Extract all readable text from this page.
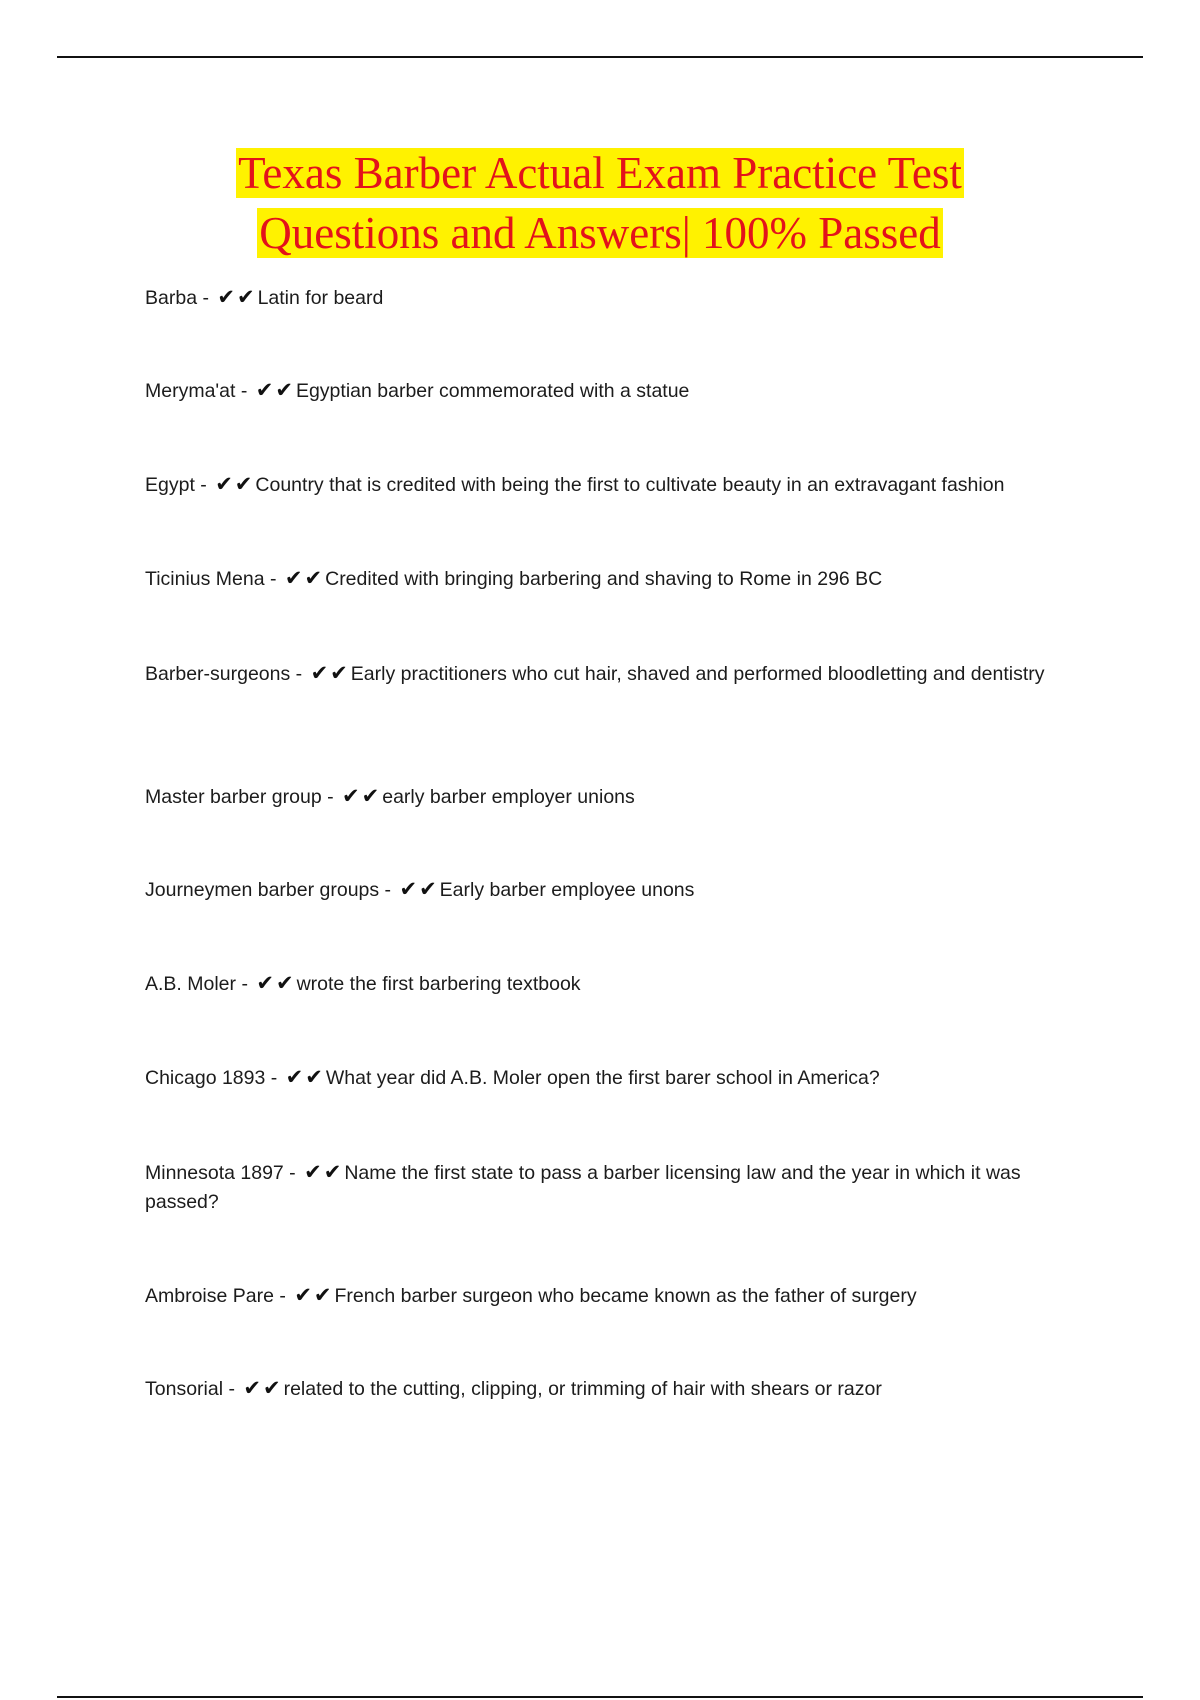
Texas Barber Actual Exam Practice Test
Questions and Answers| 100% Passed
Barba - ✔✔Latin for beard
Meryma'at - ✔✔Egyptian barber commemorated with a statue
Egypt - ✔✔Country that is credited with being the first to cultivate beauty in an extravagant fashion
Ticinius Mena - ✔✔Credited with bringing barbering and shaving to Rome in 296 BC
Barber-surgeons - ✔✔Early practitioners who cut hair, shaved and performed bloodletting and dentistry
Master barber group - ✔✔early barber employer unions
Journeymen barber groups - ✔✔Early barber employee unons
A.B. Moler - ✔✔wrote the first barbering textbook
Chicago 1893 - ✔✔What year did A.B. Moler open the first barer school in America?
Minnesota 1897 - ✔✔Name the first state to pass a barber licensing law and the year in which it was passed?
Ambroise Pare - ✔✔French barber surgeon who became known as the father of surgery
Tonsorial - ✔✔related to the cutting, clipping, or trimming of hair with shears or razor
